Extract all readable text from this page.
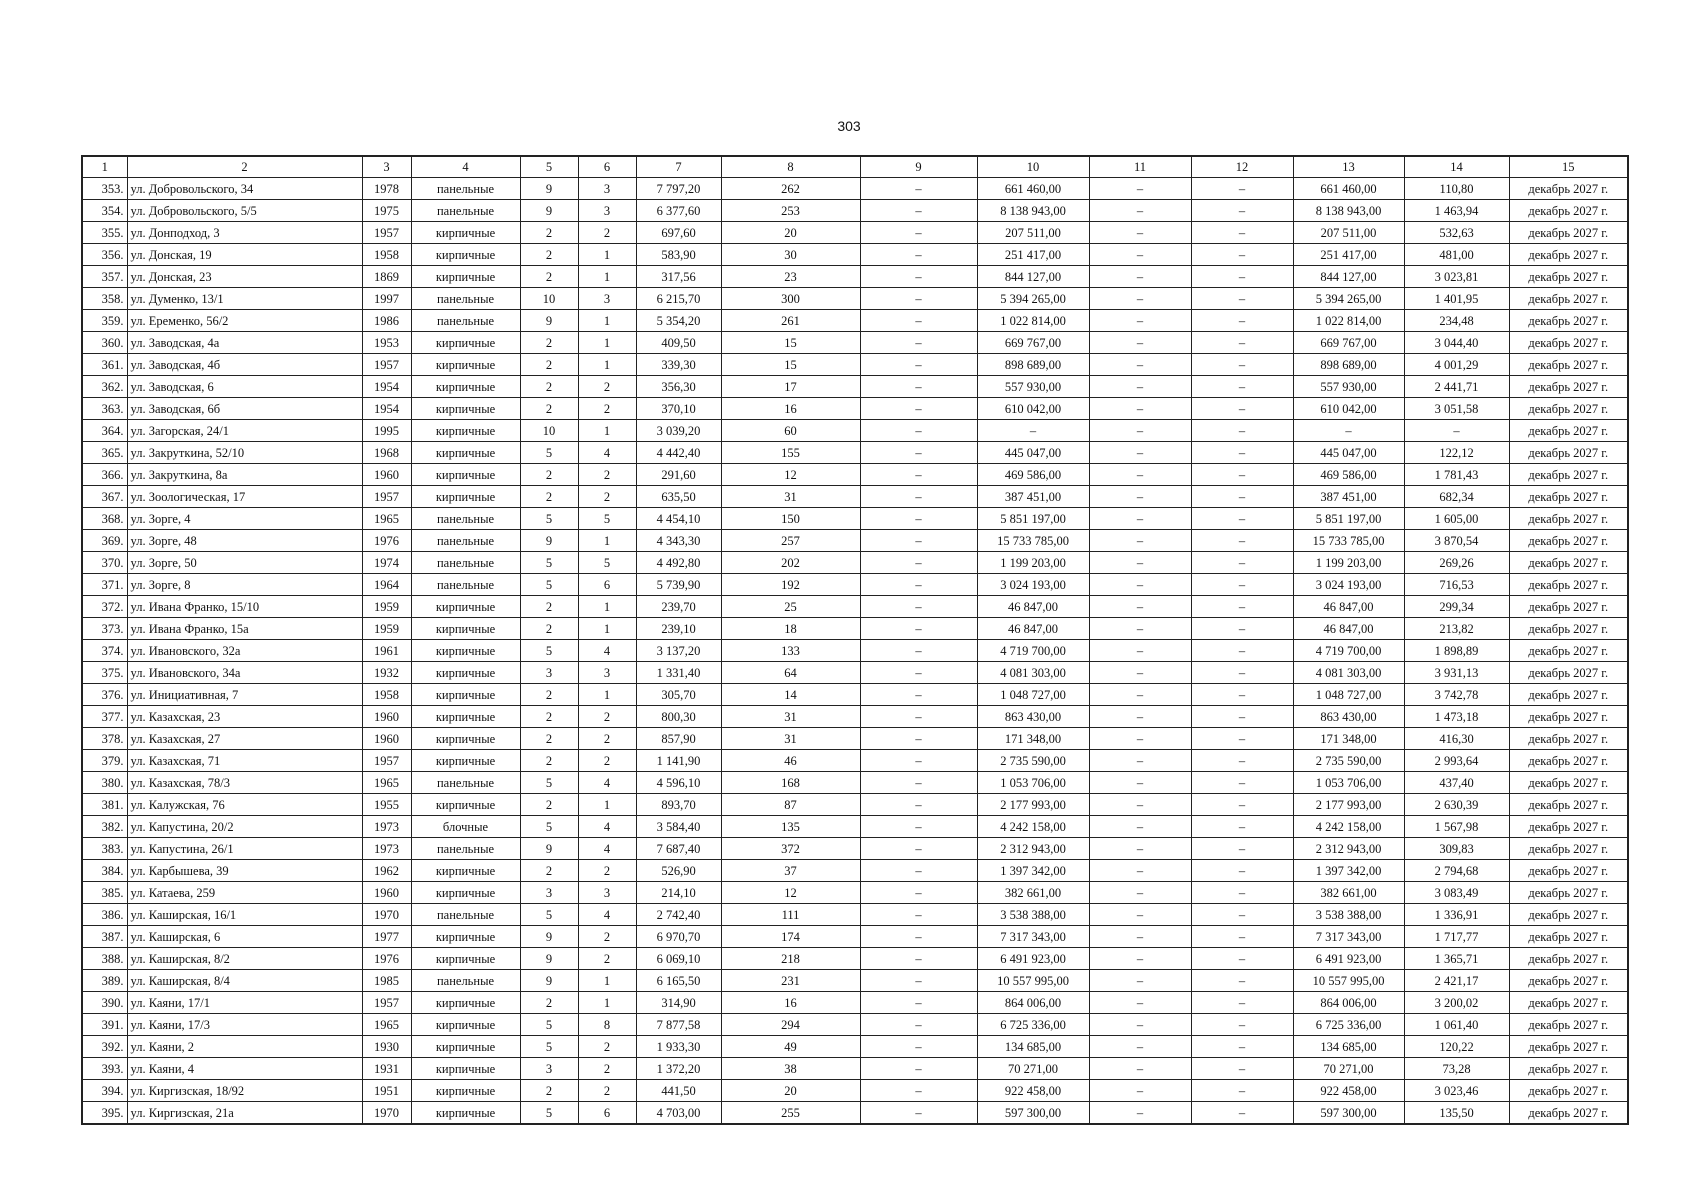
303
1	2	3	4	5	6	7	8	9	10	11	12	13	14	15
353.	ул. Добровольского, 34	1978	панельные	9	3	7 797,20	262	–	661 460,00	–	–	661 460,00	110,80	декабрь 2027 г.
354.	ул. Добровольского, 5/5	1975	панельные	9	3	6 377,60	253	–	8 138 943,00	–	–	8 138 943,00	1 463,94	декабрь 2027 г.
355.	ул. Донподход, 3	1957	кирпичные	2	2	697,60	20	–	207 511,00	–	–	207 511,00	532,63	декабрь 2027 г.
356.	ул. Донская, 19	1958	кирпичные	2	1	583,90	30	–	251 417,00	–	–	251 417,00	481,00	декабрь 2027 г.
357.	ул. Донская, 23	1869	кирпичные	2	1	317,56	23	–	844 127,00	–	–	844 127,00	3 023,81	декабрь 2027 г.
358.	ул. Думенко, 13/1	1997	панельные	10	3	6 215,70	300	–	5 394 265,00	–	–	5 394 265,00	1 401,95	декабрь 2027 г.
359.	ул. Еременко, 56/2	1986	панельные	9	1	5 354,20	261	–	1 022 814,00	–	–	1 022 814,00	234,48	декабрь 2027 г.
360.	ул. Заводская, 4а	1953	кирпичные	2	1	409,50	15	–	669 767,00	–	–	669 767,00	3 044,40	декабрь 2027 г.
361.	ул. Заводская, 4б	1957	кирпичные	2	1	339,30	15	–	898 689,00	–	–	898 689,00	4 001,29	декабрь 2027 г.
362.	ул. Заводская, 6	1954	кирпичные	2	2	356,30	17	–	557 930,00	–	–	557 930,00	2 441,71	декабрь 2027 г.
363.	ул. Заводская, 6б	1954	кирпичные	2	2	370,10	16	–	610 042,00	–	–	610 042,00	3 051,58	декабрь 2027 г.
364.	ул. Загорская, 24/1	1995	кирпичные	10	1	3 039,20	60	–	–	–	–	–	–	декабрь 2027 г.
365.	ул. Закруткина, 52/10	1968	кирпичные	5	4	4 442,40	155	–	445 047,00	–	–	445 047,00	122,12	декабрь 2027 г.
366.	ул. Закруткина, 8а	1960	кирпичные	2	2	291,60	12	–	469 586,00	–	–	469 586,00	1 781,43	декабрь 2027 г.
367.	ул. Зоологическая, 17	1957	кирпичные	2	2	635,50	31	–	387 451,00	–	–	387 451,00	682,34	декабрь 2027 г.
368.	ул. Зорге, 4	1965	панельные	5	5	4 454,10	150	–	5 851 197,00	–	–	5 851 197,00	1 605,00	декабрь 2027 г.
369.	ул. Зорге, 48	1976	панельные	9	1	4 343,30	257	–	15 733 785,00	–	–	15 733 785,00	3 870,54	декабрь 2027 г.
370.	ул. Зорге, 50	1974	панельные	5	5	4 492,80	202	–	1 199 203,00	–	–	1 199 203,00	269,26	декабрь 2027 г.
371.	ул. Зорге, 8	1964	панельные	5	6	5 739,90	192	–	3 024 193,00	–	–	3 024 193,00	716,53	декабрь 2027 г.
372.	ул. Ивана Франко, 15/10	1959	кирпичные	2	1	239,70	25	–	46 847,00	–	–	46 847,00	299,34	декабрь 2027 г.
373.	ул. Ивана Франко, 15а	1959	кирпичные	2	1	239,10	18	–	46 847,00	–	–	46 847,00	213,82	декабрь 2027 г.
374.	ул. Ивановского, 32а	1961	кирпичные	5	4	3 137,20	133	–	4 719 700,00	–	–	4 719 700,00	1 898,89	декабрь 2027 г.
375.	ул. Ивановского, 34а	1932	кирпичные	3	3	1 331,40	64	–	4 081 303,00	–	–	4 081 303,00	3 931,13	декабрь 2027 г.
376.	ул. Инициативная, 7	1958	кирпичные	2	1	305,70	14	–	1 048 727,00	–	–	1 048 727,00	3 742,78	декабрь 2027 г.
377.	ул. Казахская, 23	1960	кирпичные	2	2	800,30	31	–	863 430,00	–	–	863 430,00	1 473,18	декабрь 2027 г.
378.	ул. Казахская, 27	1960	кирпичные	2	2	857,90	31	–	171 348,00	–	–	171 348,00	416,30	декабрь 2027 г.
379.	ул. Казахская, 71	1957	кирпичные	2	2	1 141,90	46	–	2 735 590,00	–	–	2 735 590,00	2 993,64	декабрь 2027 г.
380.	ул. Казахская, 78/3	1965	панельные	5	4	4 596,10	168	–	1 053 706,00	–	–	1 053 706,00	437,40	декабрь 2027 г.
381.	ул. Калужская, 76	1955	кирпичные	2	1	893,70	87	–	2 177 993,00	–	–	2 177 993,00	2 630,39	декабрь 2027 г.
382.	ул. Капустина, 20/2	1973	блочные	5	4	3 584,40	135	–	4 242 158,00	–	–	4 242 158,00	1 567,98	декабрь 2027 г.
383.	ул. Капустина, 26/1	1973	панельные	9	4	7 687,40	372	–	2 312 943,00	–	–	2 312 943,00	309,83	декабрь 2027 г.
384.	ул. Карбышева, 39	1962	кирпичные	2	2	526,90	37	–	1 397 342,00	–	–	1 397 342,00	2 794,68	декабрь 2027 г.
385.	ул. Катаева, 259	1960	кирпичные	3	3	214,10	12	–	382 661,00	–	–	382 661,00	3 083,49	декабрь 2027 г.
386.	ул. Каширская, 16/1	1970	панельные	5	4	2 742,40	111	–	3 538 388,00	–	–	3 538 388,00	1 336,91	декабрь 2027 г.
387.	ул. Каширская, 6	1977	кирпичные	9	2	6 970,70	174	–	7 317 343,00	–	–	7 317 343,00	1 717,77	декабрь 2027 г.
388.	ул. Каширская, 8/2	1976	кирпичные	9	2	6 069,10	218	–	6 491 923,00	–	–	6 491 923,00	1 365,71	декабрь 2027 г.
389.	ул. Каширская, 8/4	1985	панельные	9	1	6 165,50	231	–	10 557 995,00	–	–	10 557 995,00	2 421,17	декабрь 2027 г.
390.	ул. Каяни, 17/1	1957	кирпичные	2	1	314,90	16	–	864 006,00	–	–	864 006,00	3 200,02	декабрь 2027 г.
391.	ул. Каяни, 17/3	1965	кирпичные	5	8	7 877,58	294	–	6 725 336,00	–	–	6 725 336,00	1 061,40	декабрь 2027 г.
392.	ул. Каяни, 2	1930	кирпичные	5	2	1 933,30	49	–	134 685,00	–	–	134 685,00	120,22	декабрь 2027 г.
393.	ул. Каяни, 4	1931	кирпичные	3	2	1 372,20	38	–	70 271,00	–	–	70 271,00	73,28	декабрь 2027 г.
394.	ул. Киргизская, 18/92	1951	кирпичные	2	2	441,50	20	–	922 458,00	–	–	922 458,00	3 023,46	декабрь 2027 г.
395.	ул. Киргизская, 21а	1970	кирпичные	5	6	4 703,00	255	–	597 300,00	–	–	597 300,00	135,50	декабрь 2027 г.
